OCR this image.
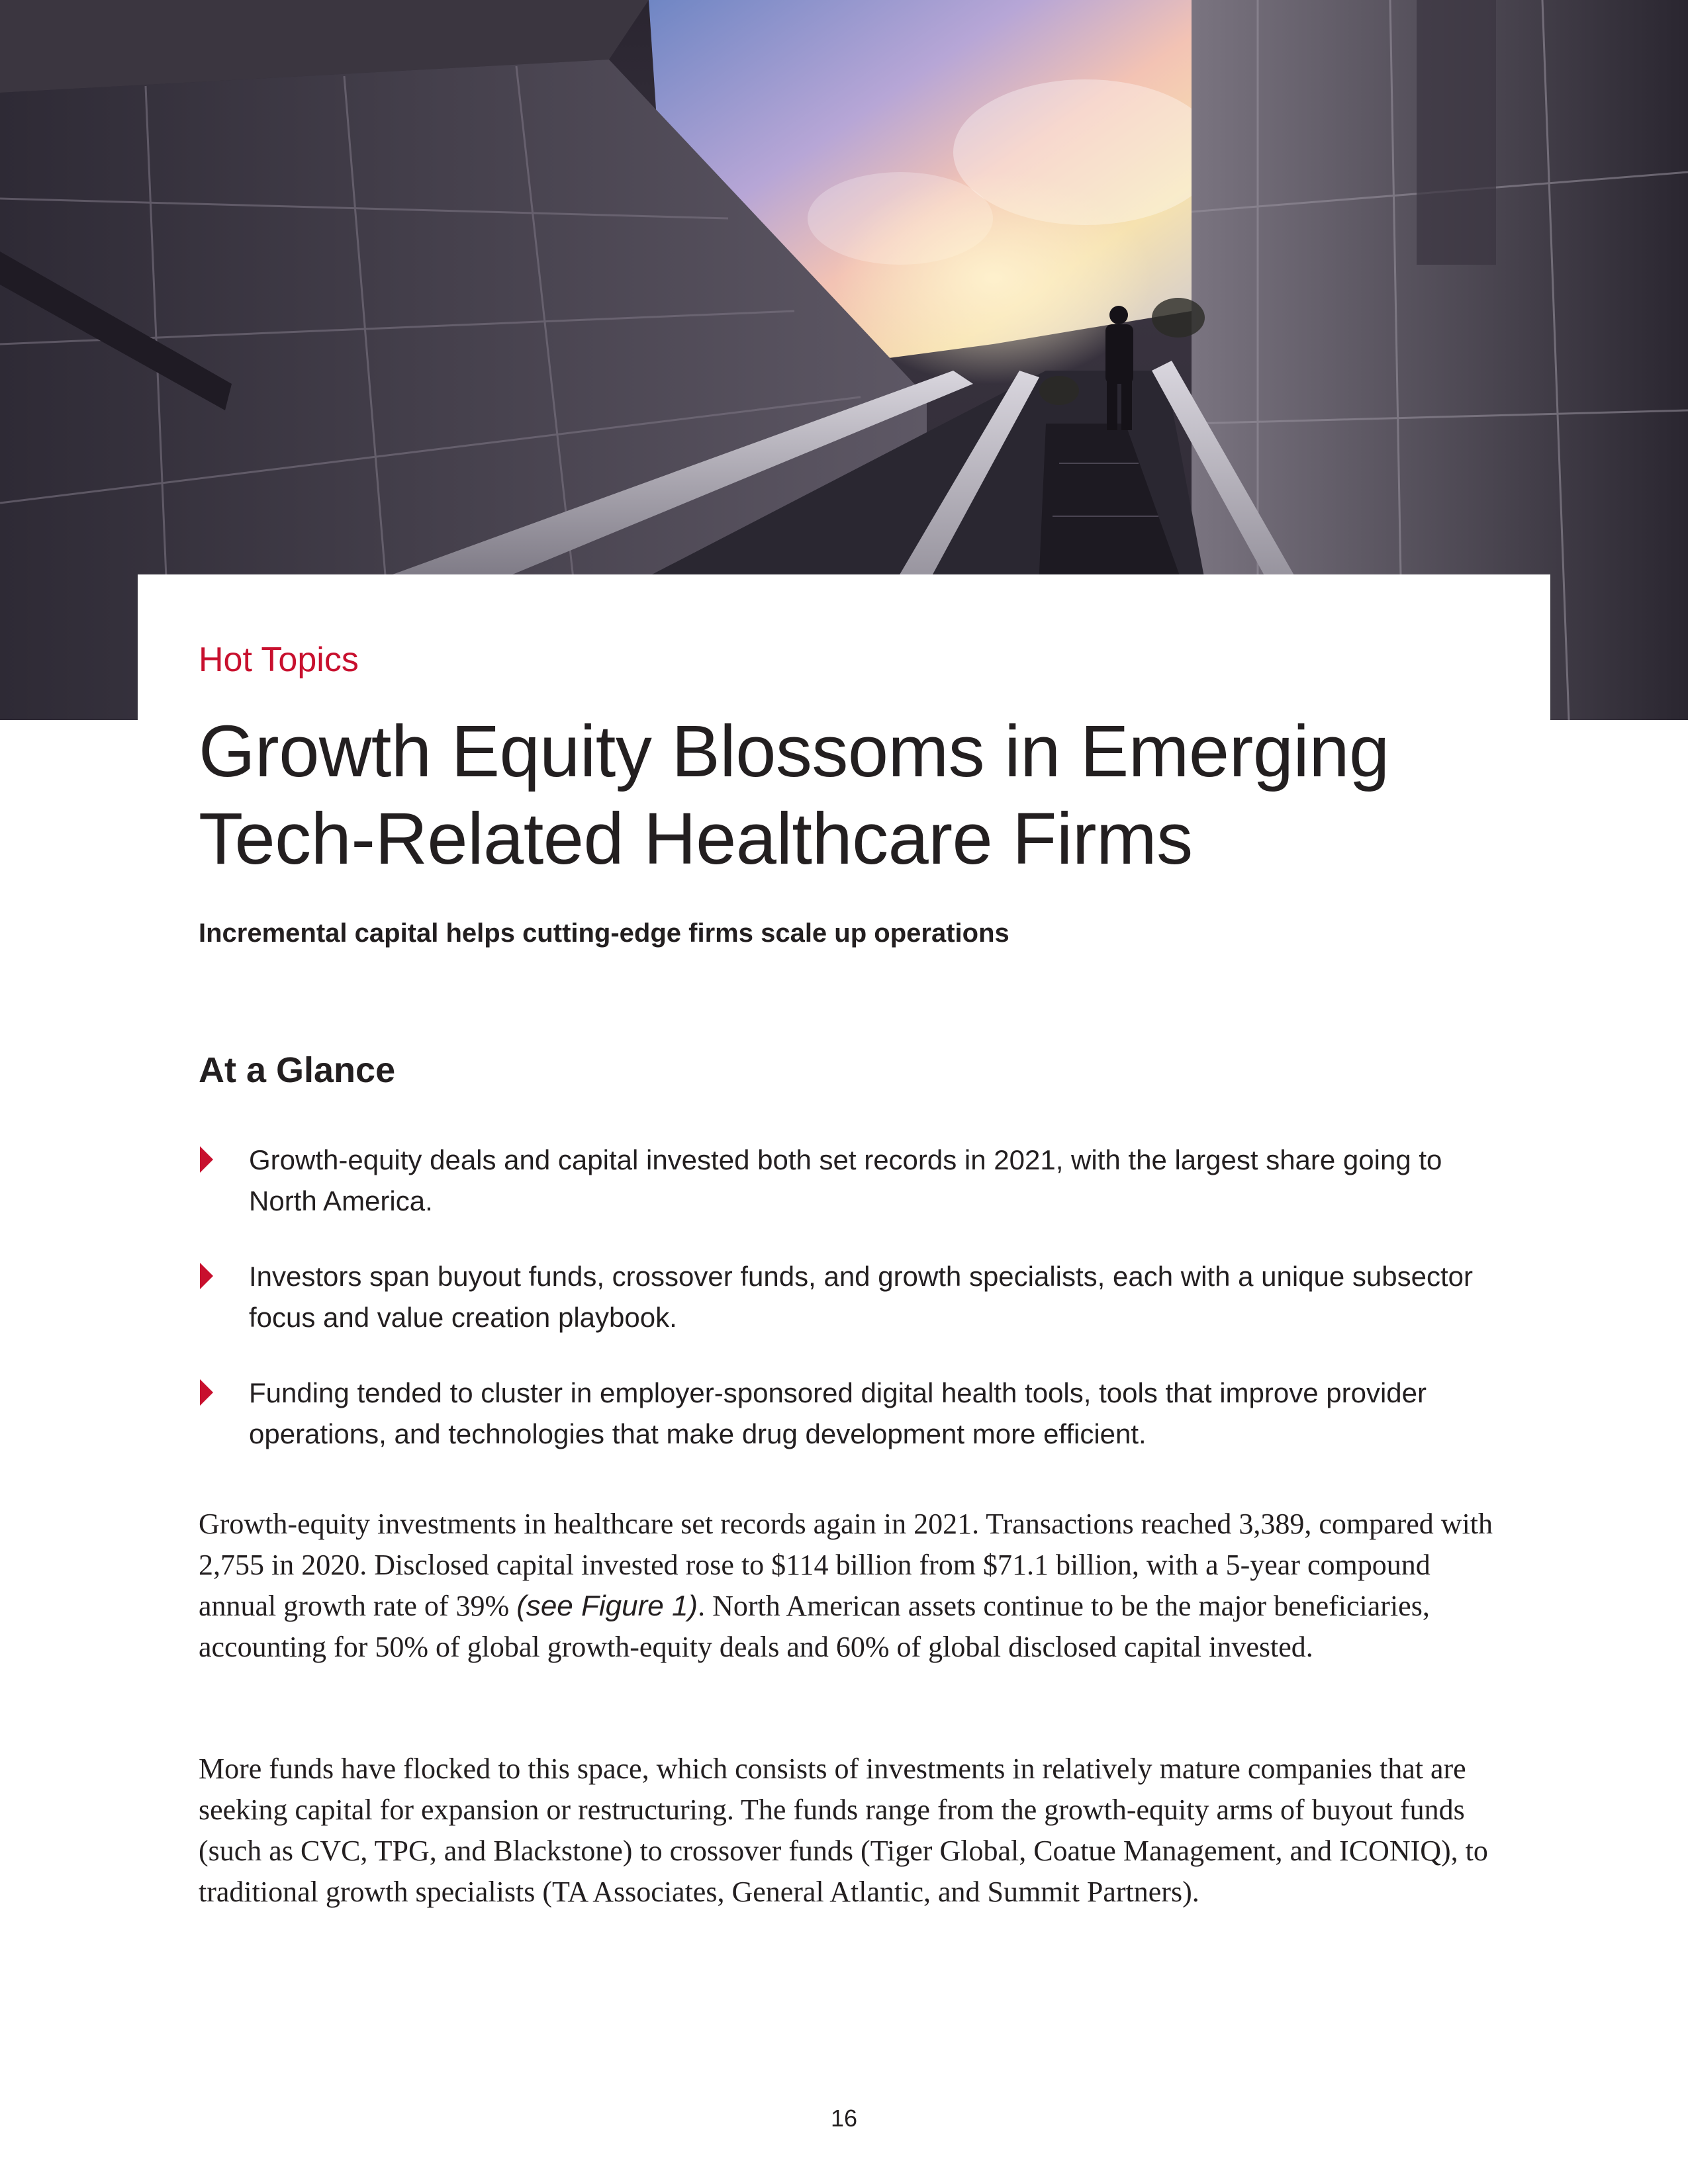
Hot Topics
Growth Equity Blossoms in Emerging Tech-Related Healthcare Firms

Incremental capital helps cutting-edge firms scale up operations

At a Glance
Growth-equity deals and capital invested both set records in 2021, with the largest share going to North America.
Investors span buyout funds, crossover funds, and growth specialists, each with a unique subsector focus and value creation playbook.
Funding tended to cluster in employer-sponsored digital health tools, tools that improve provider operations, and technologies that make drug development more efficient.

Growth-equity investments in healthcare set records again in 2021. Transactions reached 3,389, compared with 2,755 in 2020. Disclosed capital invested rose to $114 billion from $71.1 billion, with a 5-year compound annual growth rate of 39% (see Figure 1). North American assets continue to be the major beneficiaries, accounting for 50% of global growth-equity deals and 60% of global disclosed capital invested.

More funds have flocked to this space, which consists of investments in relatively mature companies that are seeking capital for expansion or restructuring. The funds range from the growth-equity arms of buyout funds (such as CVC, TPG, and Blackstone) to crossover funds (Tiger Global, Coatue Management, and ICONIQ), to traditional growth specialists (TA Associates, General Atlantic, and Summit Partners).

16
